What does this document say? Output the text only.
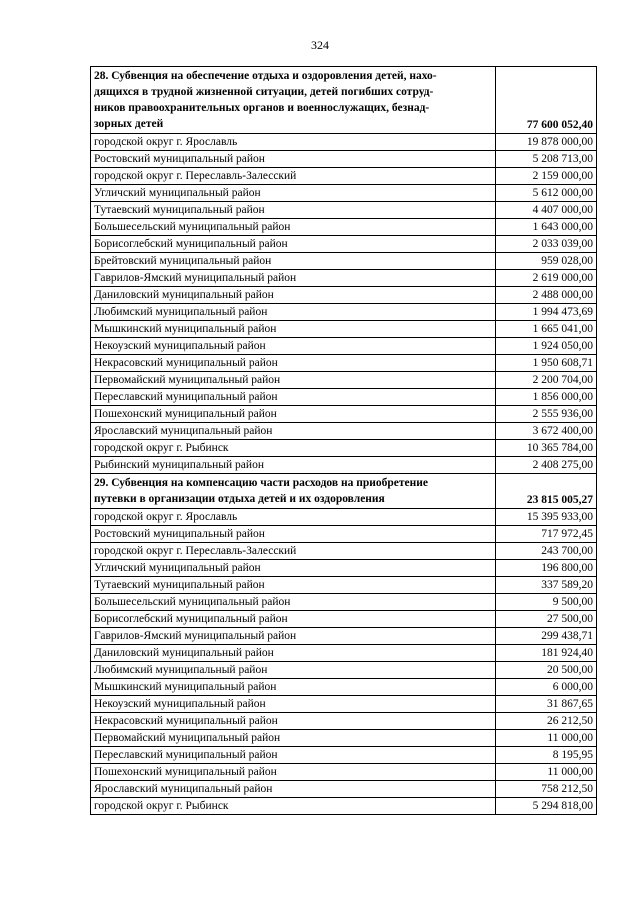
324
28. Субвенция на обеспечение отдыха и оздоровления детей, нахо-
дящихся в трудной жизненной ситуации, детей погибших сотруд-
ников правоохранительных органов и военнослужащих, безнад-
зорных детей	77 600 052,40
городской округ г. Ярославль	19 878 000,00
Ростовский муниципальный район	5 208 713,00
городской округ г. Переславль-Залесский	2 159 000,00
Угличский муниципальный район	5 612 000,00
Тутаевский муниципальный район	4 407 000,00
Большесельский муниципальный район	1 643 000,00
Борисоглебский муниципальный район	2 033 039,00
Брейтовский муниципальный район	959 028,00
Гаврилов-Ямский муниципальный район	2 619 000,00
Даниловский муниципальный район	2 488 000,00
Любимский муниципальный район	1 994 473,69
Мышкинский муниципальный район	1 665 041,00
Некоузский муниципальный район	1 924 050,00
Некрасовский муниципальный район	1 950 608,71
Первомайский муниципальный район	2 200 704,00
Переславский муниципальный район	1 856 000,00
Пошехонский муниципальный район	2 555 936,00
Ярославский муниципальный район	3 672 400,00
городской округ г. Рыбинск	10 365 784,00
Рыбинский муниципальный район	2 408 275,00

29. Субвенция на компенсацию части расходов на приобретение
путевки в организации отдыха детей и их оздоровления	23 815 005,27
городской округ г. Ярославль	15 395 933,00
Ростовский муниципальный район	717 972,45
городской округ г. Переславль-Залесский	243 700,00
Угличский муниципальный район	196 800,00
Тутаевский муниципальный район	337 589,20
Большесельский муниципальный район	9 500,00
Борисоглебский муниципальный район	27 500,00
Гаврилов-Ямский муниципальный район	299 438,71
Даниловский муниципальный район	181 924,40
Любимский муниципальный район	20 500,00
Мышкинский муниципальный район	6 000,00
Некоузский муниципальный район	31 867,65
Некрасовский муниципальный район	26 212,50
Первомайский муниципальный район	11 000,00
Переславский муниципальный район	8 195,95
Пошехонский муниципальный район	11 000,00
Ярославский муниципальный район	758 212,50
городской округ г. Рыбинск	5 294 818,00
